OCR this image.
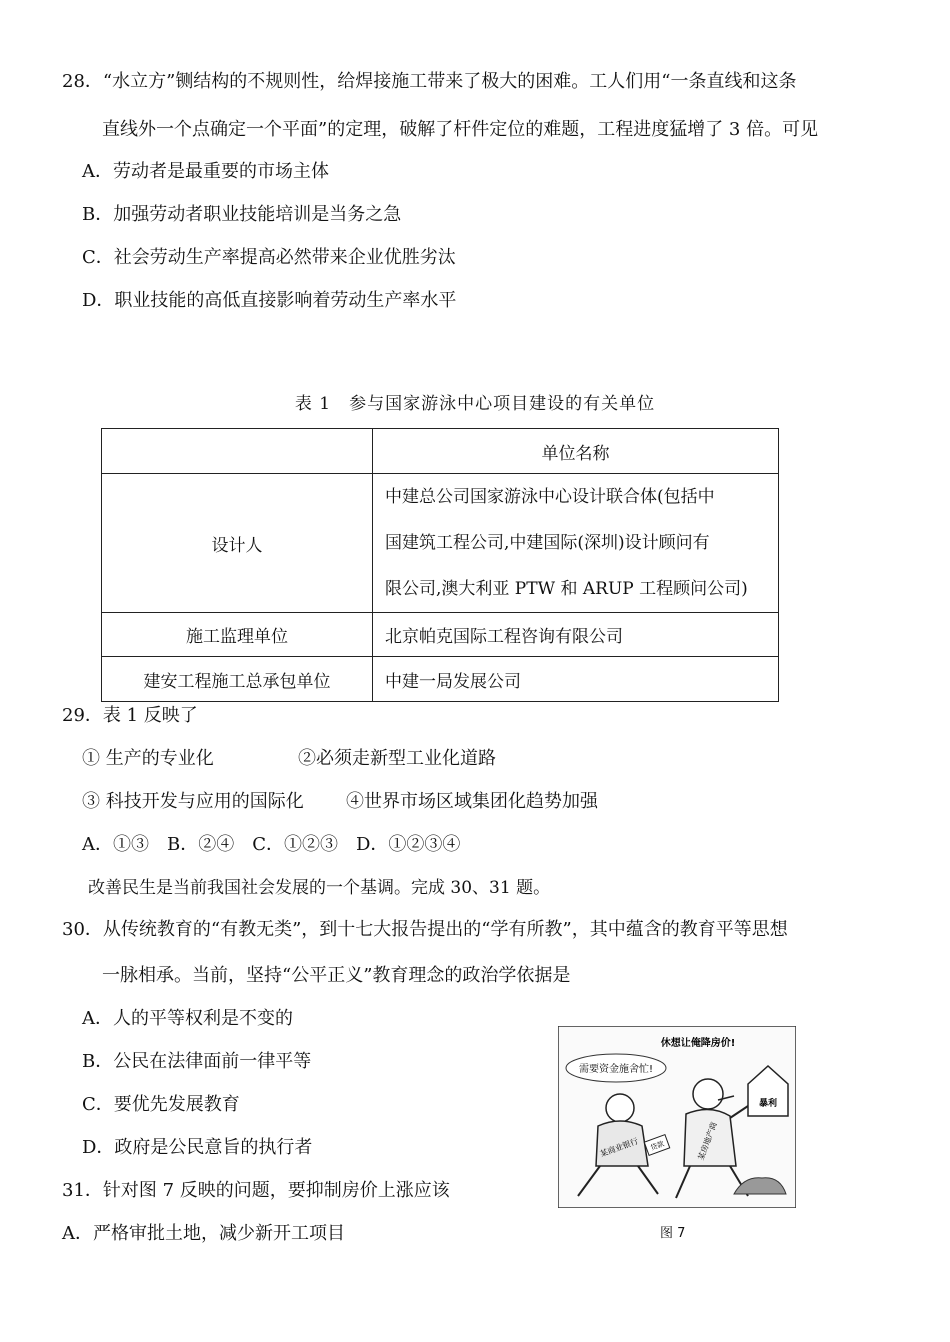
28．“水立方”铡结构的不规则性，给焊接施工带来了极大的困难。工人们用“一条直线和这条
直线外一个点确定一个平面”的定理，破解了杆件定位的难题，工程进度猛增了 3 倍。可见
A．劳动者是最重要的市场主体
B．加强劳动者职业技能培训是当务之急
C．社会劳动生产率提高必然带来企业优胜劣汰
D．职业技能的高低直接影响着劳动生产率水平
表 1　参与国家游泳中心项目建设的有关单位
	单位名称
设计人	中建总公司国家游泳中心设计联合体(包括中
国建筑工程公司,中建国际(深圳)设计顾问有
限公司,澳大利亚 PTW 和 ARUP 工程顾问公司)

施工监理单位	北京帕克国际工程咨询有限公司
建安工程施工总承包单位	中建一局发展公司
29．表 1 反映了
① 生产的专业化	②必须走新型工业化道路
③ 科技开发与应用的国际化 ④世界市场区域集团化趋势加强
A．①③　B．②④　C．①②③　D．①②③④
改善民生是当前我国社会发展的一个基调。完成 30、31 题。
30．从传统教育的“有教无类”，到十七大报告提出的“学有所教”，其中蕴含的教育平等思想
一脉相承。当前，坚持“公平正义”教育理念的政治学依据是
A．人的平等权利是不变的
B．公民在法律面前一律平等
C．要优先发展教育
D．政府是公民意旨的执行者
31．针对图 7 反映的问题，要抑制房价上涨应该
A．严格审批土地，减少新开工项目
需要资金施舍忙!
休想让俺降房价!
某商业银行 贷款	某房地产商
暴利
图 7
